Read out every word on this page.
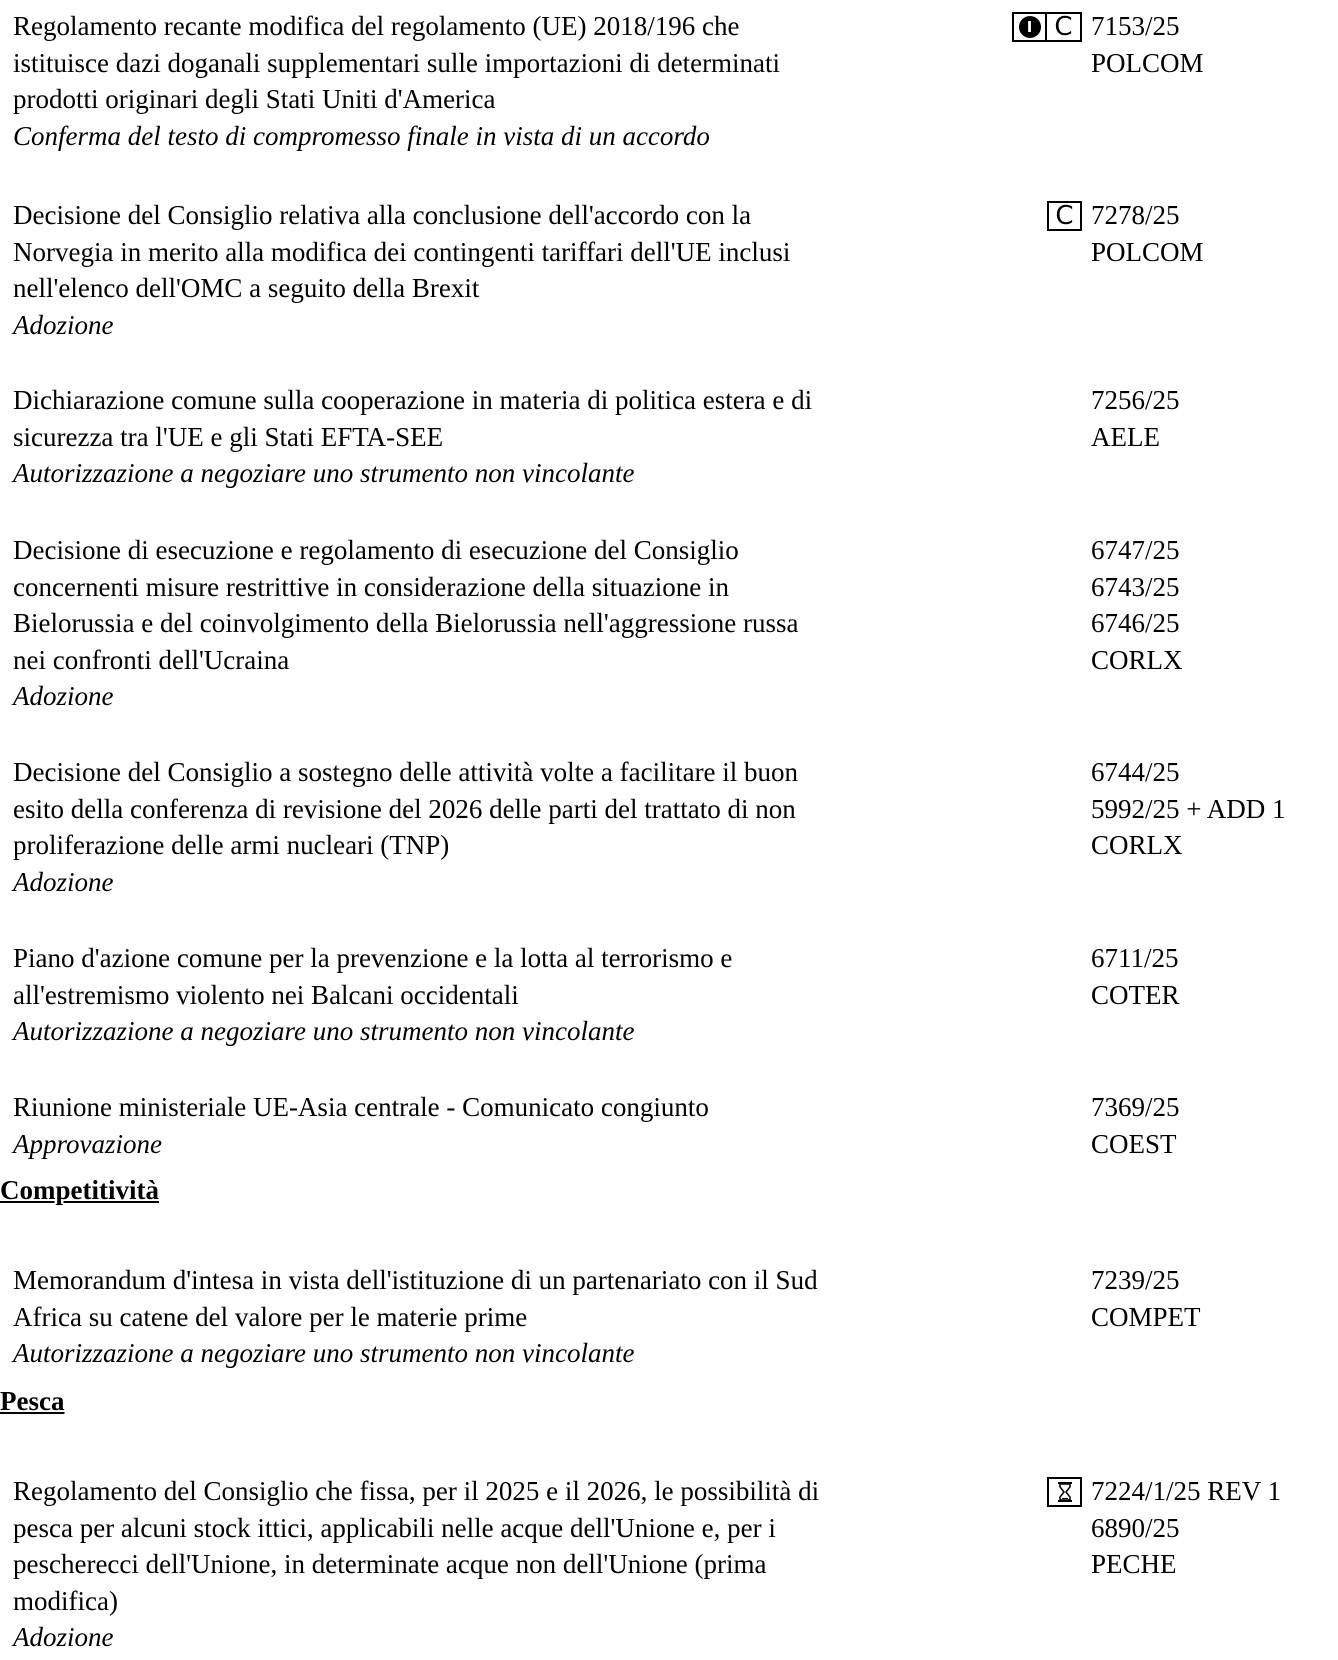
Regolamento recante modifica del regolamento (UE) 2018/196 che
istituisce dazi doganali supplementari sulle importazioni di determinati
prodotti originari degli Stati Uniti d'America
Conferma del testo di compromesso finale in vista di un accordo
I C 7153/25
POLCOM
Decisione del Consiglio relativa alla conclusione dell'accordo con la
Norvegia in merito alla modifica dei contingenti tariffari dell'UE inclusi
nell'elenco dell'OMC a seguito della Brexit
Adozione
C 7278/25
POLCOM
Dichiarazione comune sulla cooperazione in materia di politica estera e di
sicurezza tra l'UE e gli Stati EFTA-SEE
Autorizzazione a negoziare uno strumento non vincolante
7256/25
AELE
Decisione di esecuzione e regolamento di esecuzione del Consiglio
concernenti misure restrittive in considerazione della situazione in
Bielorussia e del coinvolgimento della Bielorussia nell'aggressione russa
nei confronti dell'Ucraina
Adozione
6747/25
6743/25
6746/25
CORLX
Decisione del Consiglio a sostegno delle attività volte a facilitare il buon
esito della conferenza di revisione del 2026 delle parti del trattato di non
proliferazione delle armi nucleari (TNP)
Adozione
6744/25
5992/25 + ADD 1
CORLX
Piano d'azione comune per la prevenzione e la lotta al terrorismo e
all'estremismo violento nei Balcani occidentali
Autorizzazione a negoziare uno strumento non vincolante
6711/25
COTER
Riunione ministeriale UE-Asia centrale - Comunicato congiunto
Approvazione
7369/25
COEST
Competitività
Memorandum d'intesa in vista dell'istituzione di un partenariato con il Sud
Africa su catene del valore per le materie prime
Autorizzazione a negoziare uno strumento non vincolante
7239/25
COMPET
Pesca
Regolamento del Consiglio che fissa, per il 2025 e il 2026, le possibilità di
pesca per alcuni stock ittici, applicabili nelle acque dell'Unione e, per i
pescherecci dell'Unione, in determinate acque non dell'Unione (prima
modifica)
Adozione
7224/1/25 REV 1
6890/25
PECHE
